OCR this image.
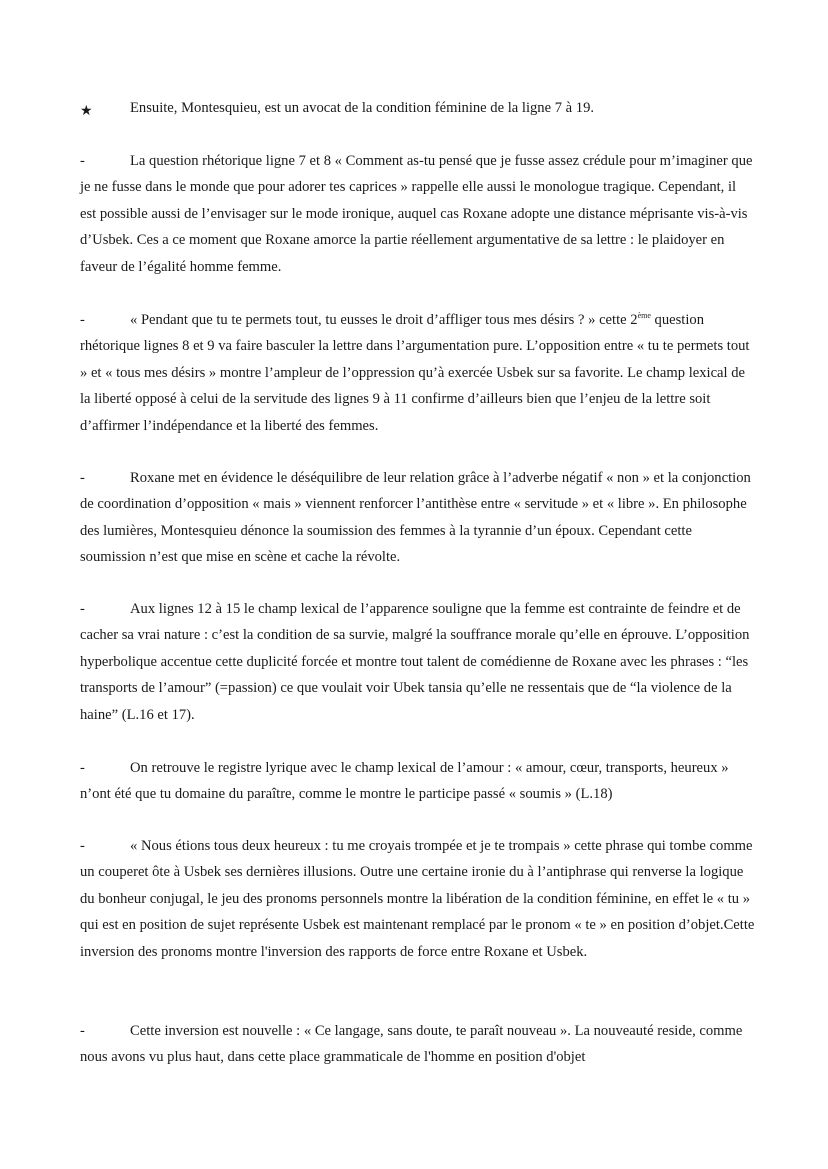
★	Ensuite, Montesquieu, est un avocat de la condition féminine de la ligne 7 à 19.
-	La question rhétorique ligne 7 et 8 « Comment as-tu pensé que je fusse assez crédule pour m’imaginer que je ne fusse dans le monde que pour adorer tes caprices » rappelle elle aussi le monologue tragique. Cependant, il est possible aussi de l’envisager sur le mode ironique, auquel cas Roxane adopte une distance méprisante vis-à-vis d’Usbek. Ces a ce moment que Roxane amorce la partie réellement argumentative de sa lettre : le plaidoyer en faveur de l’égalité homme femme.
-	« Pendant que tu te permets tout, tu eusses le droit d’affliger tous mes désirs ? » cette 2ème question rhétorique lignes 8 et 9 va faire basculer la lettre dans l’argumentation pure. L’opposition entre « tu te permets tout » et « tous mes désirs » montre l’ampleur de l’oppression qu’à exercée Usbek sur sa favorite. Le champ lexical de la liberté opposé à celui de la servitude des lignes 9 à 11 confirme d’ailleurs bien que l’enjeu de la lettre soit d’affirmer l’indépendance et la liberté des femmes.
-	Roxane met en évidence le déséquilibre de leur relation grâce à l’adverbe négatif « non » et la conjonction de coordination d’opposition « mais » viennent renforcer l’antithèse entre « servitude » et « libre ». En philosophe des lumières, Montesquieu dénonce la soumission des femmes à la tyrannie d’un époux. Cependant cette soumission n’est que mise en scène et cache la révolte.
-	Aux lignes 12 à 15 le champ lexical de l’apparence souligne que la femme est contrainte de feindre et de cacher sa vrai nature : c’est la condition de sa survie, malgré la souffrance morale qu’elle en éprouve. L’opposition hyperbolique accentue cette duplicité forcée et montre tout talent de comédienne de Roxane avec les phrases : “les transports de l’amour” (=passion) ce que voulait voir Ubek tansia qu’elle ne ressentais que de “la violence de la haine” (L.16 et 17).
-	On retrouve le registre lyrique avec le champ lexical de l’amour : « amour, cœur, transports, heureux » n’ont été que tu domaine du paraître, comme le montre le participe passé « soumis » (L.18)
-	« Nous étions tous deux heureux : tu me croyais trompée et je te trompais » cette phrase qui tombe comme un couperet ôte à Usbek ses dernières illusions. Outre une certaine ironie du à l’antiphrase qui renverse la logique du bonheur conjugal, le jeu des pronoms personnels montre la libération de la condition féminine, en effet le « tu » qui est en position de sujet représente Usbek est maintenant remplacé par le pronom « te » en position d’objet.Cette inversion des pronoms montre l'inversion des rapports de force entre Roxane et Usbek.
-	Cette inversion est nouvelle : « Ce langage, sans doute, te paraît nouveau ». La nouveauté reside, comme nous avons vu plus haut, dans cette place grammaticale de l'homme en position d'objet
